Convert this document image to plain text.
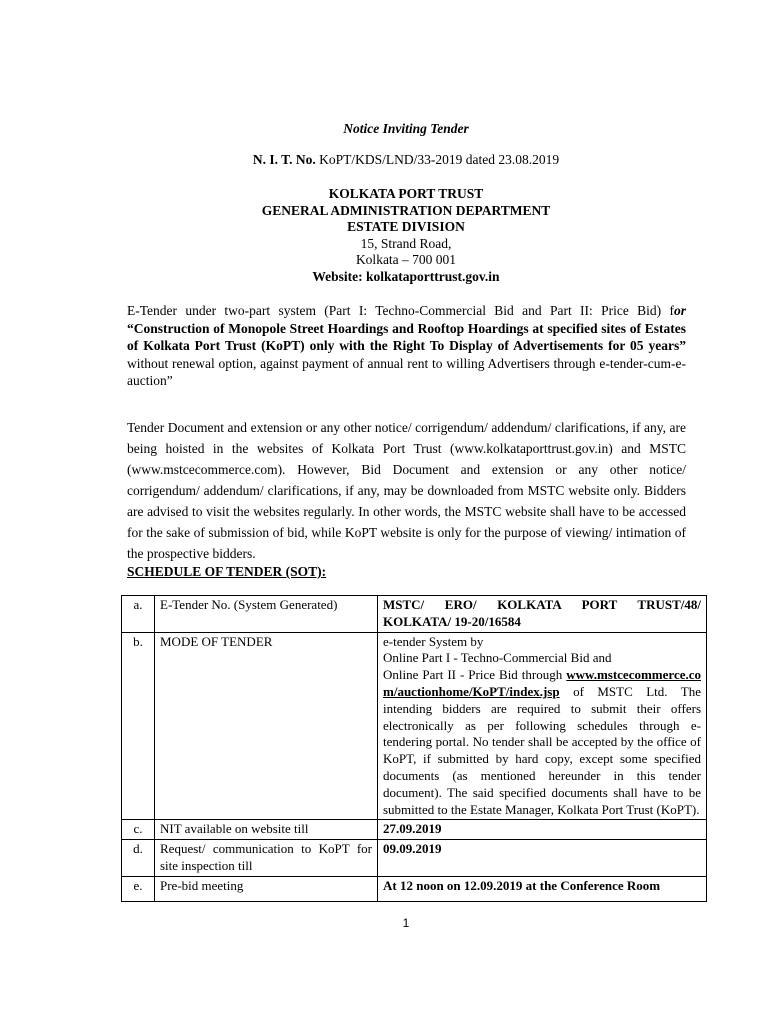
Notice Inviting Tender
N. I. T. No. KoPT/KDS/LND/33-2019 dated 23.08.2019
KOLKATA PORT TRUST
GENERAL ADMINISTRATION DEPARTMENT
ESTATE DIVISION
15, Strand Road,
Kolkata – 700 001
Website: kolkataporttrust.gov.in
E-Tender under two-part system (Part I: Techno-Commercial Bid and Part II: Price Bid) for “Construction of Monopole Street Hoardings and Rooftop Hoardings at specified sites of Estates of Kolkata Port Trust (KoPT) only with the Right To Display of Advertisements for 05 years” without renewal option, against payment of annual rent to willing Advertisers through e-tender-cum-e-auction”
Tender Document and extension or any other notice/ corrigendum/ addendum/ clarifications, if any, are being hoisted in the websites of Kolkata Port Trust (www.kolkataporttrust.gov.in) and MSTC (www.mstcecommerce.com). However, Bid Document and extension or any other notice/ corrigendum/ addendum/ clarifications, if any, may be downloaded from MSTC website only. Bidders are advised to visit the websites regularly. In other words, the MSTC website shall have to be accessed for the sake of submission of bid, while KoPT website is only for the purpose of viewing/ intimation of the prospective bidders.
SCHEDULE OF TENDER (SOT):
a.	E-Tender No. (System Generated)	MSTC/ ERO/ KOLKATA PORT TRUST/48/ KOLKATA/ 19-20/16584
b.	MODE OF TENDER	e-tender System by
Online Part I - Techno-Commercial Bid and
Online Part II - Price Bid through www.mstcecommerce.com/auctionhome/KoPT/index.jsp of MSTC Ltd. The intending bidders are required to submit their offers electronically as per following schedules through e-tendering portal. No tender shall be accepted by the office of KoPT, if submitted by hard copy, except some specified documents (as mentioned hereunder in this tender document). The said specified documents shall have to be submitted to the Estate Manager, Kolkata Port Trust (KoPT).
c.	NIT available on website till	27.09.2019
d.	Request/ communication to KoPT for site inspection till	09.09.2019
e.	Pre-bid meeting	At 12 noon on 12.09.2019 at the Conference Room
1
